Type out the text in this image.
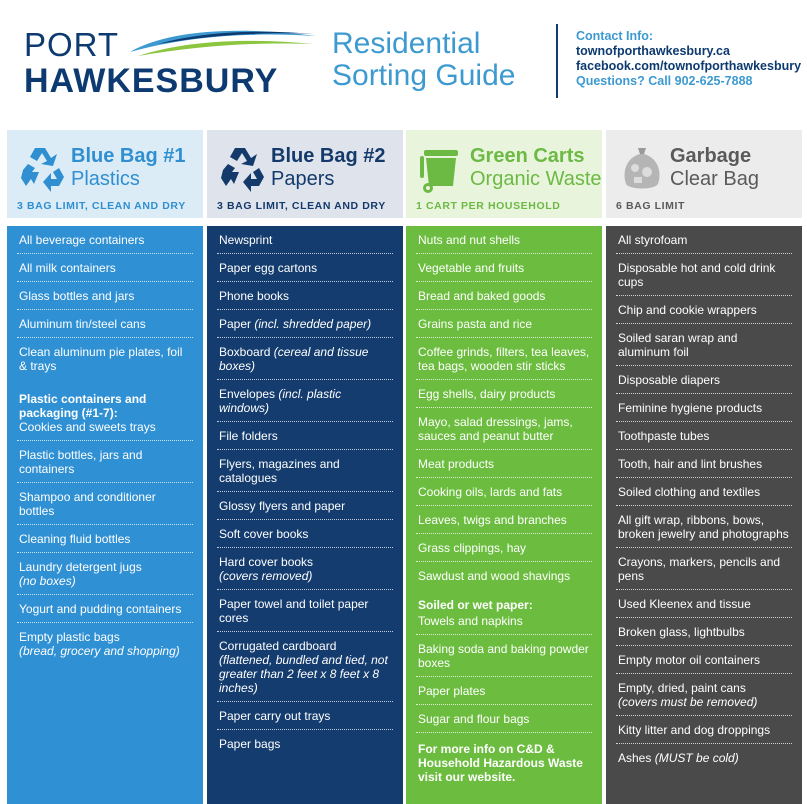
PORT
HAWKESBURY
Residential
Sorting Guide
Contact Info:
townofporthawkesbury.ca
facebook.com/townofporthawkesbury
Questions? Call 902-625-7888
Blue Bag #1
Plastics
3 BAG LIMIT, CLEAN AND DRY
All beverage containers
All milk containers
Glass bottles and jars
Aluminum tin/steel cans
Clean aluminum pie plates, foil & trays
Plastic containers and packaging (#1-7):
Cookies and sweets trays
Plastic bottles, jars and containers
Shampoo and conditioner bottles
Cleaning fluid bottles
Laundry detergent jugs
(no boxes)
Yogurt and pudding containers
Empty plastic bags
(bread, grocery and shopping)
Blue Bag #2
Papers
3 BAG LIMIT, CLEAN AND DRY
Newsprint
Paper egg cartons
Phone books
Paper (incl. shredded paper)
Boxboard (cereal and tissue boxes)
Envelopes (incl. plastic windows)
File folders
Flyers, magazines and catalogues
Glossy flyers and paper
Soft cover books
Hard cover books
(covers removed)
Paper towel and toilet paper cores
Corrugated cardboard
(flattened, bundled and tied, not greater than 2 feet x 8 feet x 8 inches)
Paper carry out trays
Paper bags
Green Carts
Organic Waste
1 CART PER HOUSEHOLD
Nuts and nut shells
Vegetable and fruits
Bread and baked goods
Grains pasta and rice
Coffee grinds, filters, tea leaves, tea bags, wooden stir sticks
Egg shells, dairy products
Mayo, salad dressings, jams, sauces and peanut butter
Meat products
Cooking oils, lards and fats
Leaves, twigs and branches
Grass clippings, hay
Sawdust and wood shavings
Soiled or wet paper:
Towels and napkins
Baking soda and baking powder boxes
Paper plates
Sugar and flour bags
For more info on C&D & Household Hazardous Waste visit our website.
Garbage
Clear Bag
6 BAG LIMIT
All styrofoam
Disposable hot and cold drink cups
Chip and cookie wrappers
Soiled saran wrap and aluminum foil
Disposable diapers
Feminine hygiene products
Toothpaste tubes
Tooth, hair and lint brushes
Soiled clothing and textiles
All gift wrap, ribbons, bows, broken jewelry and photographs
Crayons, markers, pencils and pens
Used Kleenex and tissue
Broken glass, lightbulbs
Empty motor oil containers
Empty, dried, paint cans
(covers must be removed)
Kitty litter and dog droppings
Ashes (MUST be cold)
